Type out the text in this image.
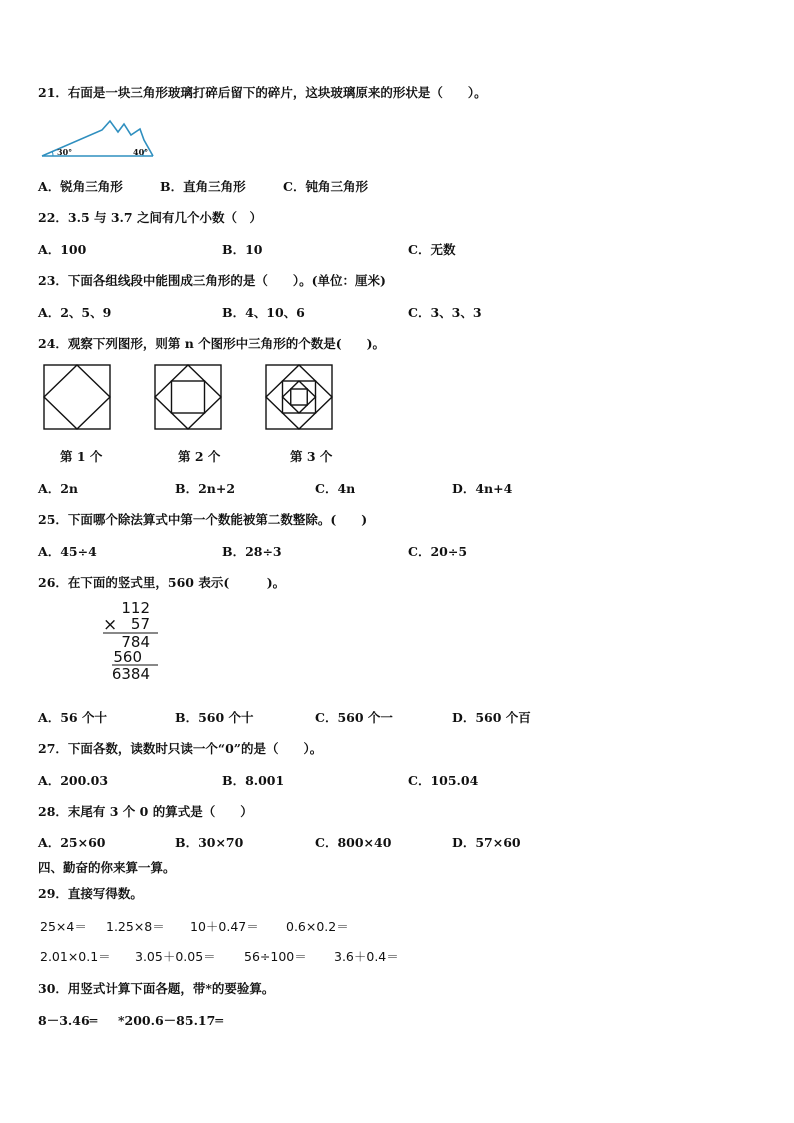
21．右面是一块三角形玻璃打碎后留下的碎片，这块玻璃原来的形状是（　　）。
30°	40°
A．锐角三角形	B．直角三角形	C．钝角三角形
22．3.5 与 3.7 之间有几个小数（　）
A．100	B．10	C．无数
23．下面各组线段中能围成三角形的是（　　）。(单位：厘米)
A．2、5、9	B．4、10、6	C．3、3、3
24．观察下列图形，则第 n 个图形中三角形的个数是(　　)。
第 1 个	第 2 个	第 3 个
A．2n	B．2n+2	C．4n	D．4n+4
25．下面哪个除法算式中第一个数能被第二数整除。(　　)
A．45÷4	B．28÷3	C．20÷5
26．在下面的竖式里，560 表示(　　　)。
112
× 57
784
560
6384
A．56 个十	B．560 个十	C．560 个一	D．560 个百
27．下面各数，读数时只读一个“0”的是（　　）。
A．200.03	B．8.001	C．105.04
28．末尾有 3 个 0 的算式是（　　）
A．25×60	B．30×70	C．800×40	D．57×60
四、勤奋的你来算一算。
29．直接写得数。
25×4＝ 1.25×8＝ 10＋0.47＝ 0.6×0.2＝
2.01×0.1＝ 3.05＋0.05＝ 56÷100＝ 3.6＋0.4＝
30．用竖式计算下面各题，带*的要验算。
8－3.46═ *200.6－85.17═
